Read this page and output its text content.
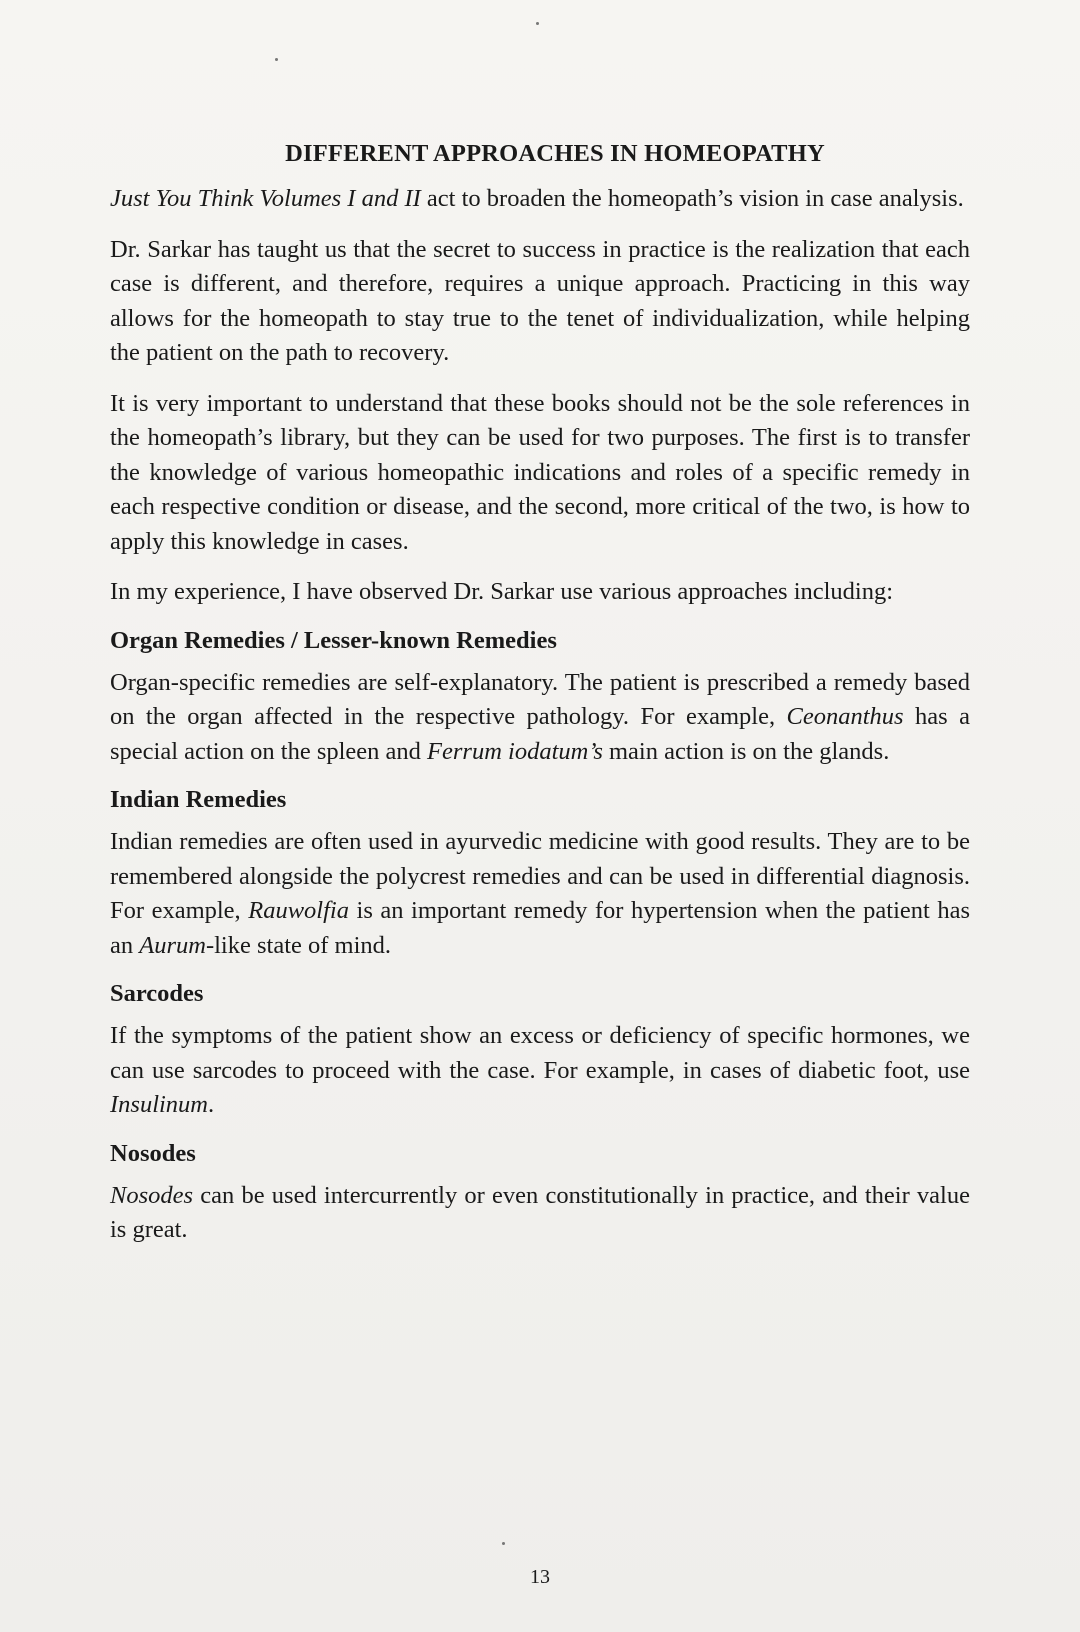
DIFFERENT APPROACHES IN HOMEOPATHY

Just You Think Volumes I and II act to broaden the homeopath’s vision in case analysis.

Dr. Sarkar has taught us that the secret to success in practice is the realization that each case is different, and therefore, requires a unique approach. Practicing in this way allows for the homeopath to stay true to the tenet of individualization, while helping the patient on the path to recovery.

It is very important to understand that these books should not be the sole references in the homeopath’s library, but they can be used for two purposes. The first is to transfer the knowledge of various homeopathic indications and roles of a specific remedy in each respective condition or disease, and the second, more critical of the two, is how to apply this knowledge in cases.

In my experience, I have observed Dr. Sarkar use various approaches including:

Organ Remedies / Lesser-known Remedies

Organ-specific remedies are self-explanatory. The patient is prescribed a remedy based on the organ affected in the respective pathology. For example, Ceonanthus has a special action on the spleen and Ferrum iodatum’s main action is on the glands.

Indian Remedies

Indian remedies are often used in ayurvedic medicine with good results. They are to be remembered alongside the polycrest remedies and can be used in differential diagnosis. For example, Rauwolfia is an important remedy for hypertension when the patient has an Aurum-like state of mind.

Sarcodes

If the symptoms of the patient show an excess or deficiency of specific hormones, we can use sarcodes to proceed with the case. For example, in cases of diabetic foot, use Insulinum.

Nosodes

Nosodes can be used intercurrently or even constitutionally in practice, and their value is great.

13
